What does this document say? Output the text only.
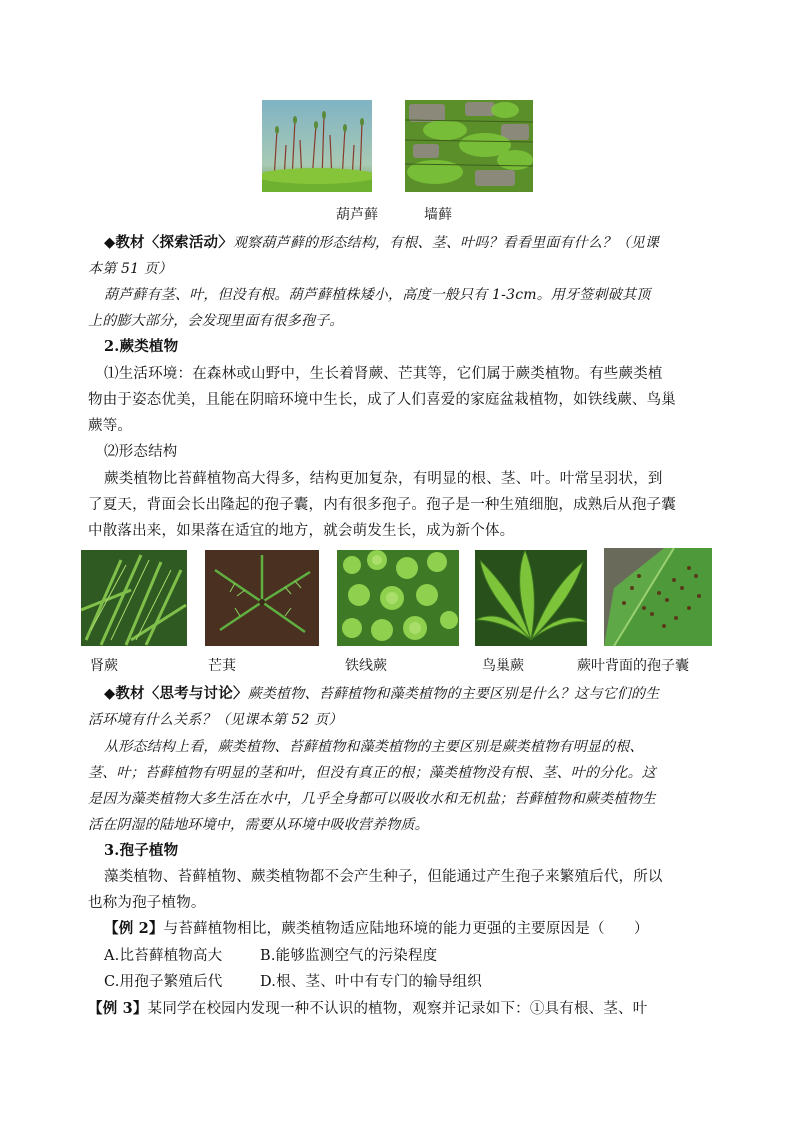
葫芦藓	墙藓
◆教材〈探索活动〉观察葫芦藓的形态结构，有根、茎、叶吗？看看里面有什么？（见课
本第 51 页）
葫芦藓有茎、叶，但没有根。葫芦藓植株矮小，高度一般只有 1-3cm。用牙签刺破其顶
上的膨大部分，会发现里面有很多孢子。
2.蕨类植物
⑴生活环境：在森林或山野中，生长着肾蕨、芒萁等，它们属于蕨类植物。有些蕨类植
物由于姿态优美，且能在阴暗环境中生长，成了人们喜爱的家庭盆栽植物，如铁线蕨、鸟巢
蕨等。
⑵形态结构
蕨类植物比苔藓植物高大得多，结构更加复杂，有明显的根、茎、叶。叶常呈羽状，到
了夏天，背面会长出隆起的孢子囊，内有很多孢子。孢子是一种生殖细胞，成熟后从孢子囊
中散落出来，如果落在适宜的地方，就会萌发生长，成为新个体。
肾蕨	芒萁	铁线蕨	鸟巢蕨	蕨叶背面的孢子囊
◆教材〈思考与讨论〉蕨类植物、苔藓植物和藻类植物的主要区别是什么？这与它们的生
活环境有什么关系？（见课本第 52 页）
从形态结构上看，蕨类植物、苔藓植物和藻类植物的主要区别是蕨类植物有明显的根、
茎、叶；苔藓植物有明显的茎和叶，但没有真正的根；藻类植物没有根、茎、叶的分化。这
是因为藻类植物大多生活在水中，几乎全身都可以吸收水和无机盐；苔藓植物和蕨类植物生
活在阴湿的陆地环境中，需要从环境中吸收营养物质。
3.孢子植物
藻类植物、苔藓植物、蕨类植物都不会产生种子，但能通过产生孢子来繁殖后代，所以
也称为孢子植物。
【例 2】与苔藓植物相比，蕨类植物适应陆地环境的能力更强的主要原因是（　　）
A.比苔藓植物高大	B.能够监测空气的污染程度
C.用孢子繁殖后代	D.根、茎、叶中有专门的输导组织
【例 3】某同学在校园内发现一种不认识的植物，观察并记录如下：①具有根、茎、叶
